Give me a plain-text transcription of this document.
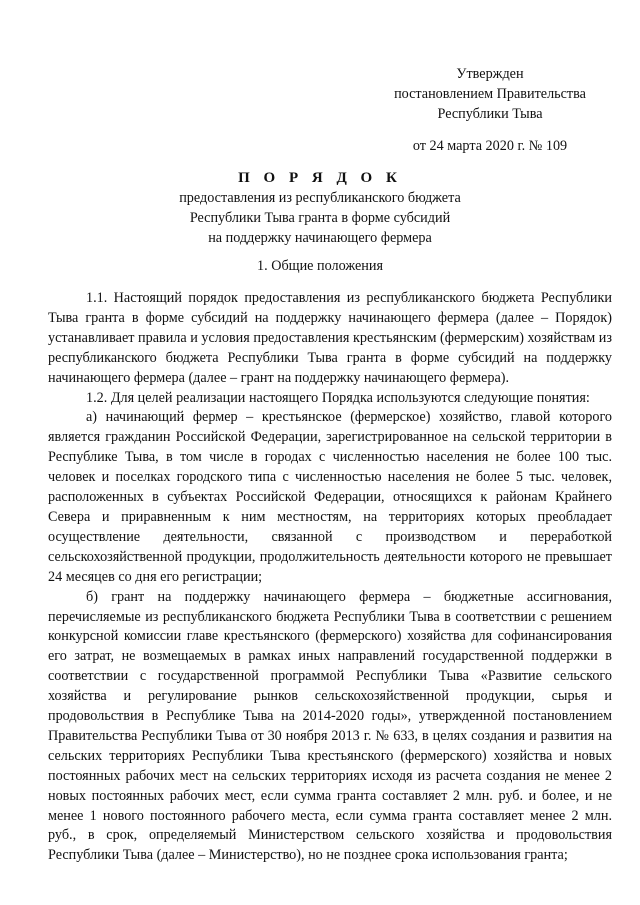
Утвержден
постановлением Правительства
Республики Тыва
от 24 марта 2020 г. № 109
П О Р Я Д О К
предоставления из республиканского бюджета
Республики Тыва гранта в форме субсидий
на поддержку начинающего фермера
1. Общие положения

1.1. Настоящий порядок предоставления из республиканского бюджета Республики Тыва гранта в форме субсидий на поддержку начинающего фермера (далее – Порядок) устанавливает правила и условия предоставления крестьянским (фермерским) хозяйствам из республиканского бюджета Республики Тыва гранта в форме субсидий на поддержку начинающего фермера (далее – грант на поддержку начинающего фермера).

1.2. Для целей реализации настоящего Порядка используются следующие понятия:

а) начинающий фермер – крестьянское (фермерское) хозяйство, главой которого является гражданин Российской Федерации, зарегистрированное на сельской территории в Республике Тыва, в том числе в городах с численностью населения не более 100 тыс. человек и поселках городского типа с численностью населения не более 5 тыс. человек, расположенных в субъектах Российской Федерации, относящихся к районам Крайнего Севера и приравненным к ним местностям, на территориях которых преобладает осуществление деятельности, связанной с производством и переработкой сельскохозяйственной продукции, продолжительность деятельности которого не превышает 24 месяцев со дня его регистрации;

б) грант на поддержку начинающего фермера – бюджетные ассигнования, перечисляемые из республиканского бюджета Республики Тыва в соответствии с решением конкурсной комиссии главе крестьянского (фермерского) хозяйства для софинансирования его затрат, не возмещаемых в рамках иных направлений государственной поддержки в соответствии с государственной программой Республики Тыва «Развитие сельского хозяйства и регулирование рынков сельскохозяйственной продукции, сырья и продовольствия в Республике Тыва на 2014-2020 годы», утвержденной постановлением Правительства Республики Тыва от 30 ноября 2013 г. № 633, в целях создания и развития на сельских территориях Республики Тыва крестьянского (фермерского) хозяйства и новых постоянных рабочих мест на сельских территориях исходя из расчета создания не менее 2 новых постоянных рабочих мест, если сумма гранта составляет 2 млн. руб. и более, и не менее 1 нового постоянного рабочего места, если сумма гранта составляет менее 2 млн. руб., в срок, определяемый Министерством сельского хозяйства и продовольствия Республики Тыва (далее – Министерство), но не позднее срока использования гранта;
